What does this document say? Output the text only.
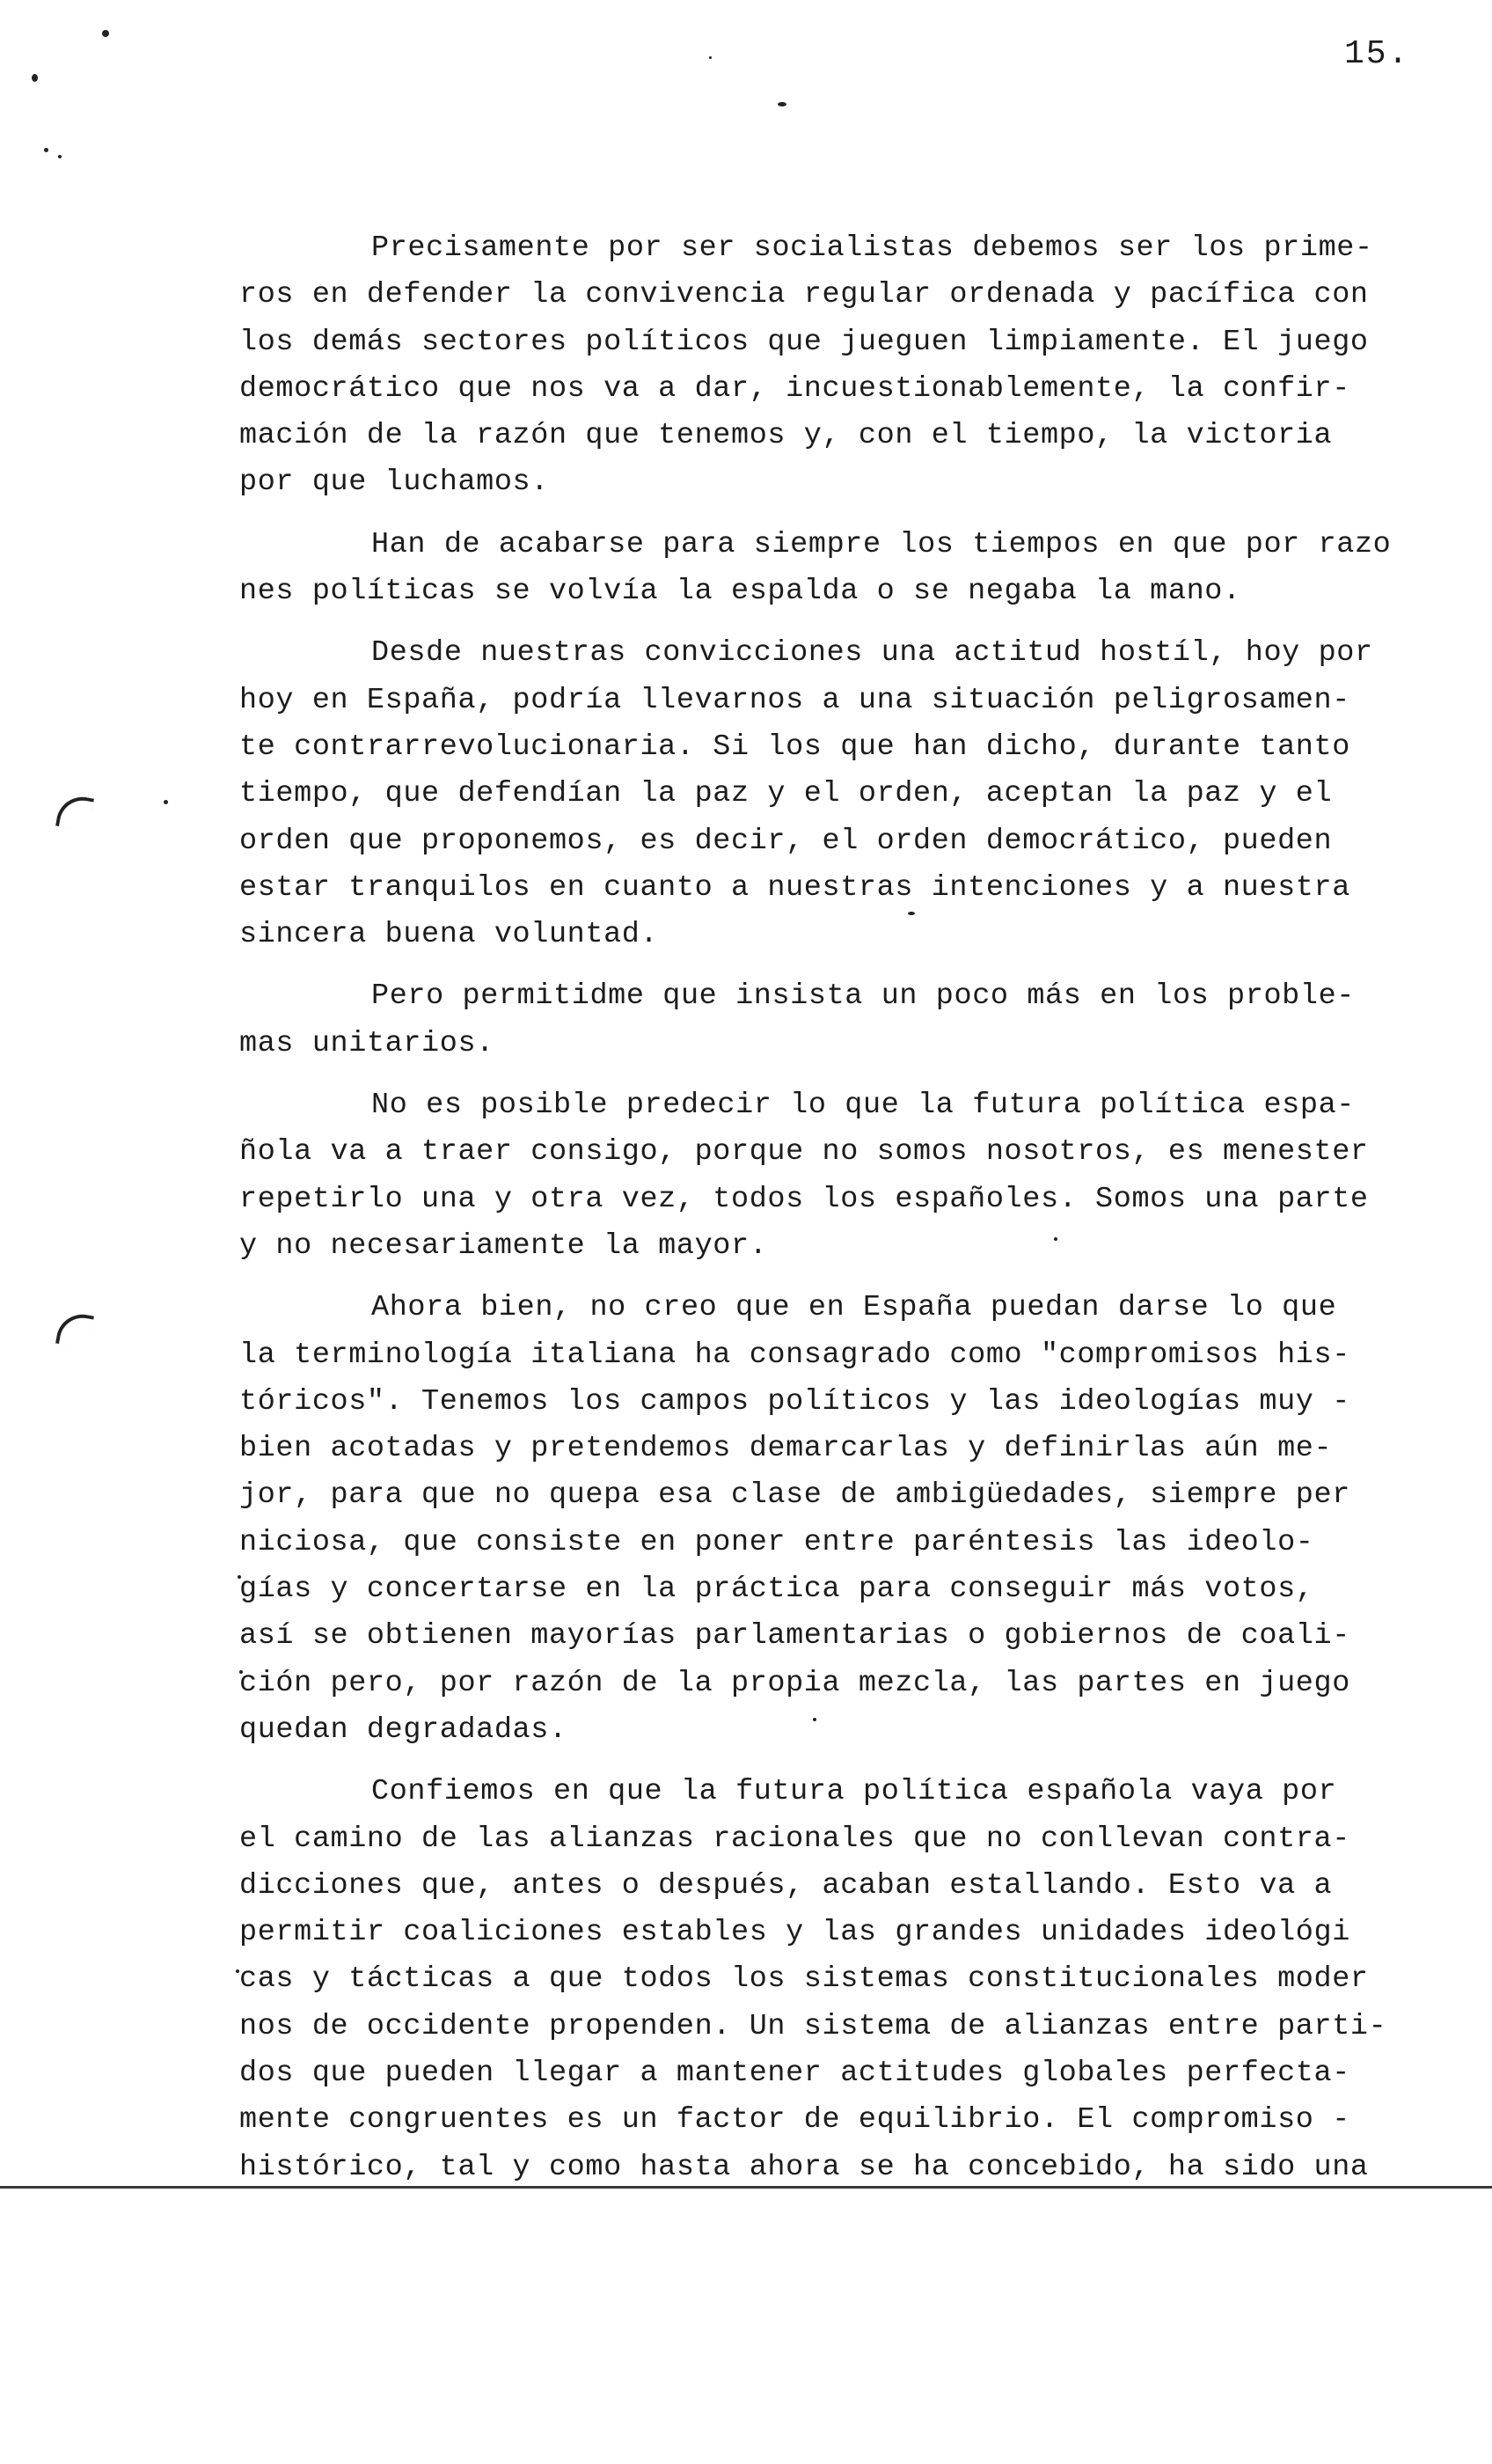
15.
Precisamente por ser socialistas debemos ser los prime-
ros en defender la convivencia regular ordenada y pacífica con
los demás sectores políticos que jueguen limpiamente. El juego
democrático que nos va a dar, incuestionablemente, la confir-
mación de la razón que tenemos y, con el tiempo, la victoria
por que luchamos.
Han de acabarse para siempre los tiempos en que por razo
nes políticas se volvía la espalda o se negaba la mano.
Desde nuestras convicciones una actitud hostíl, hoy por
hoy en España, podría llevarnos a una situación peligrosamen-
te contrarrevolucionaria. Si los que han dicho, durante tanto
tiempo, que defendían la paz y el orden, aceptan la paz y el
orden que proponemos, es decir, el orden democrático, pueden
estar tranquilos en cuanto a nuestras intenciones y a nuestra
sincera buena voluntad.
Pero permitidme que insista un poco más en los proble-
mas unitarios.
No es posible predecir lo que la futura política espa-
ñola va a traer consigo, porque no somos nosotros, es menester
repetirlo una y otra vez, todos los españoles. Somos una parte
y no necesariamente la mayor.
Ahora bien, no creo que en España puedan darse lo que
la terminología italiana ha consagrado como "compromisos his-
tóricos". Tenemos los campos políticos y las ideologías muy -
bien acotadas y pretendemos demarcarlas y definirlas aún me-
jor, para que no quepa esa clase de ambigüedades, siempre per
niciosa, que consiste en poner entre paréntesis las ideolo-
gías y concertarse en la práctica para conseguir más votos,
así se obtienen mayorías parlamentarias o gobiernos de coali-
ción pero, por razón de la propia mezcla, las partes en juego
quedan degradadas.
Confiemos en que la futura política española vaya por
el camino de las alianzas racionales que no conllevan contra-
dicciones que, antes o después, acaban estallando. Esto va a
permitir coaliciones estables y las grandes unidades ideológi
cas y tácticas a que todos los sistemas constitucionales moder
nos de occidente propenden. Un sistema de alianzas entre parti-
dos que pueden llegar a mantener actitudes globales perfecta-
mente congruentes es un factor de equilibrio. El compromiso -
histórico, tal y como hasta ahora se ha concebido, ha sido una
